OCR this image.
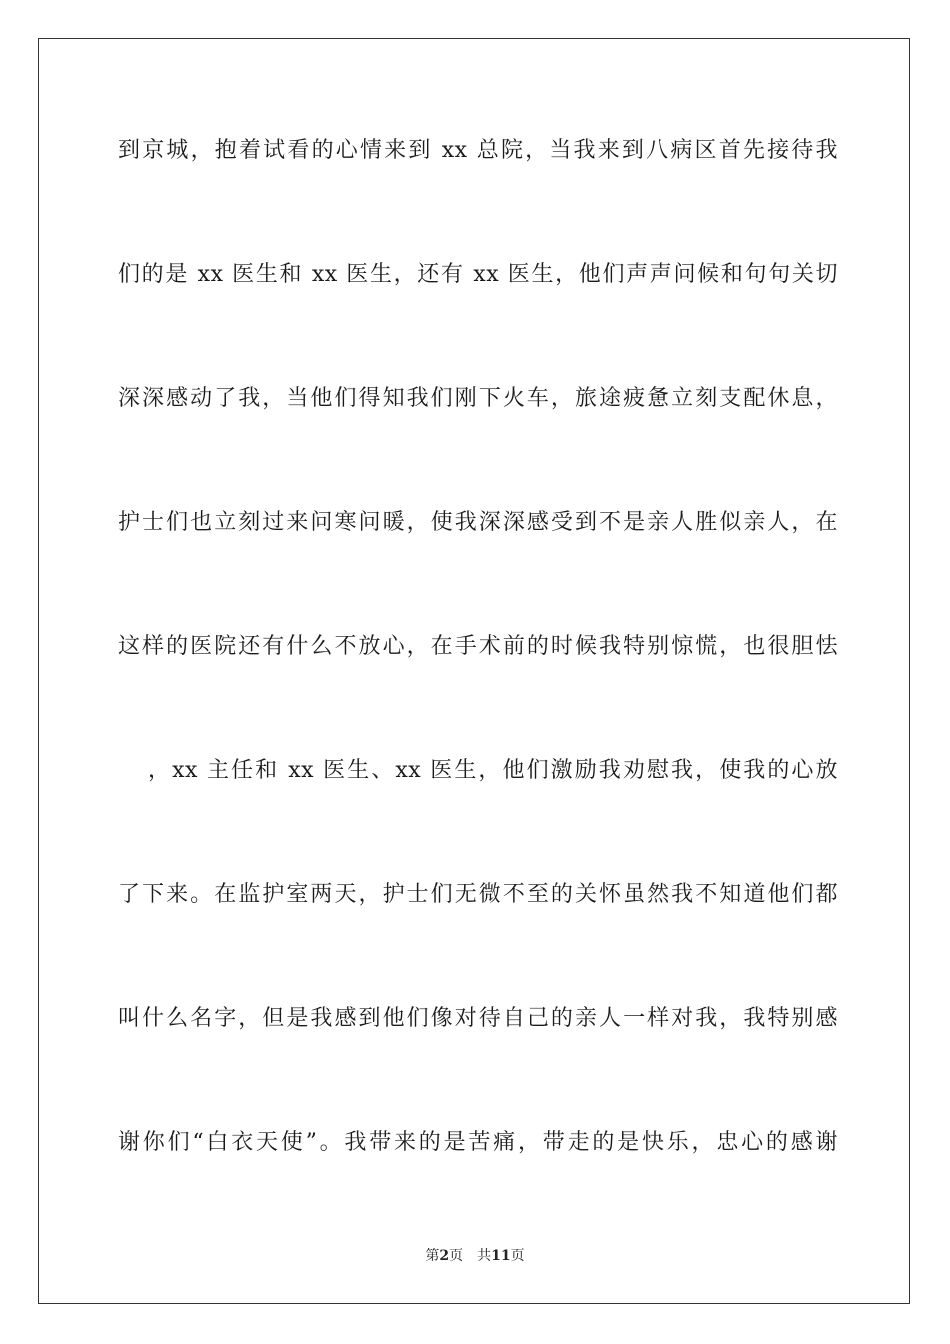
到京城，抱着试看的心情来到 xx 总院，当我来到八病区首先接待我
们的是 xx 医生和 xx 医生，还有 xx 医生，他们声声问候和句句关切
深深感动了我，当他们得知我们刚下火车，旅途疲惫立刻支配休息，
护士们也立刻过来问寒问暖，使我深深感受到不是亲人胜似亲人，在
这样的医院还有什么不放心，在手术前的时候我特别惊慌，也很胆怯
，xx 主任和 xx 医生、xx 医生，他们激励我劝慰我，使我的心放
了下来。在监护室两天，护士们无微不至的关怀虽然我不知道他们都
叫什么名字，但是我感到他们像对待自己的亲人一样对我，我特别感
谢你们“白衣天使”。我带来的是苦痛，带走的是快乐，忠心的感谢
第2页 共11页
